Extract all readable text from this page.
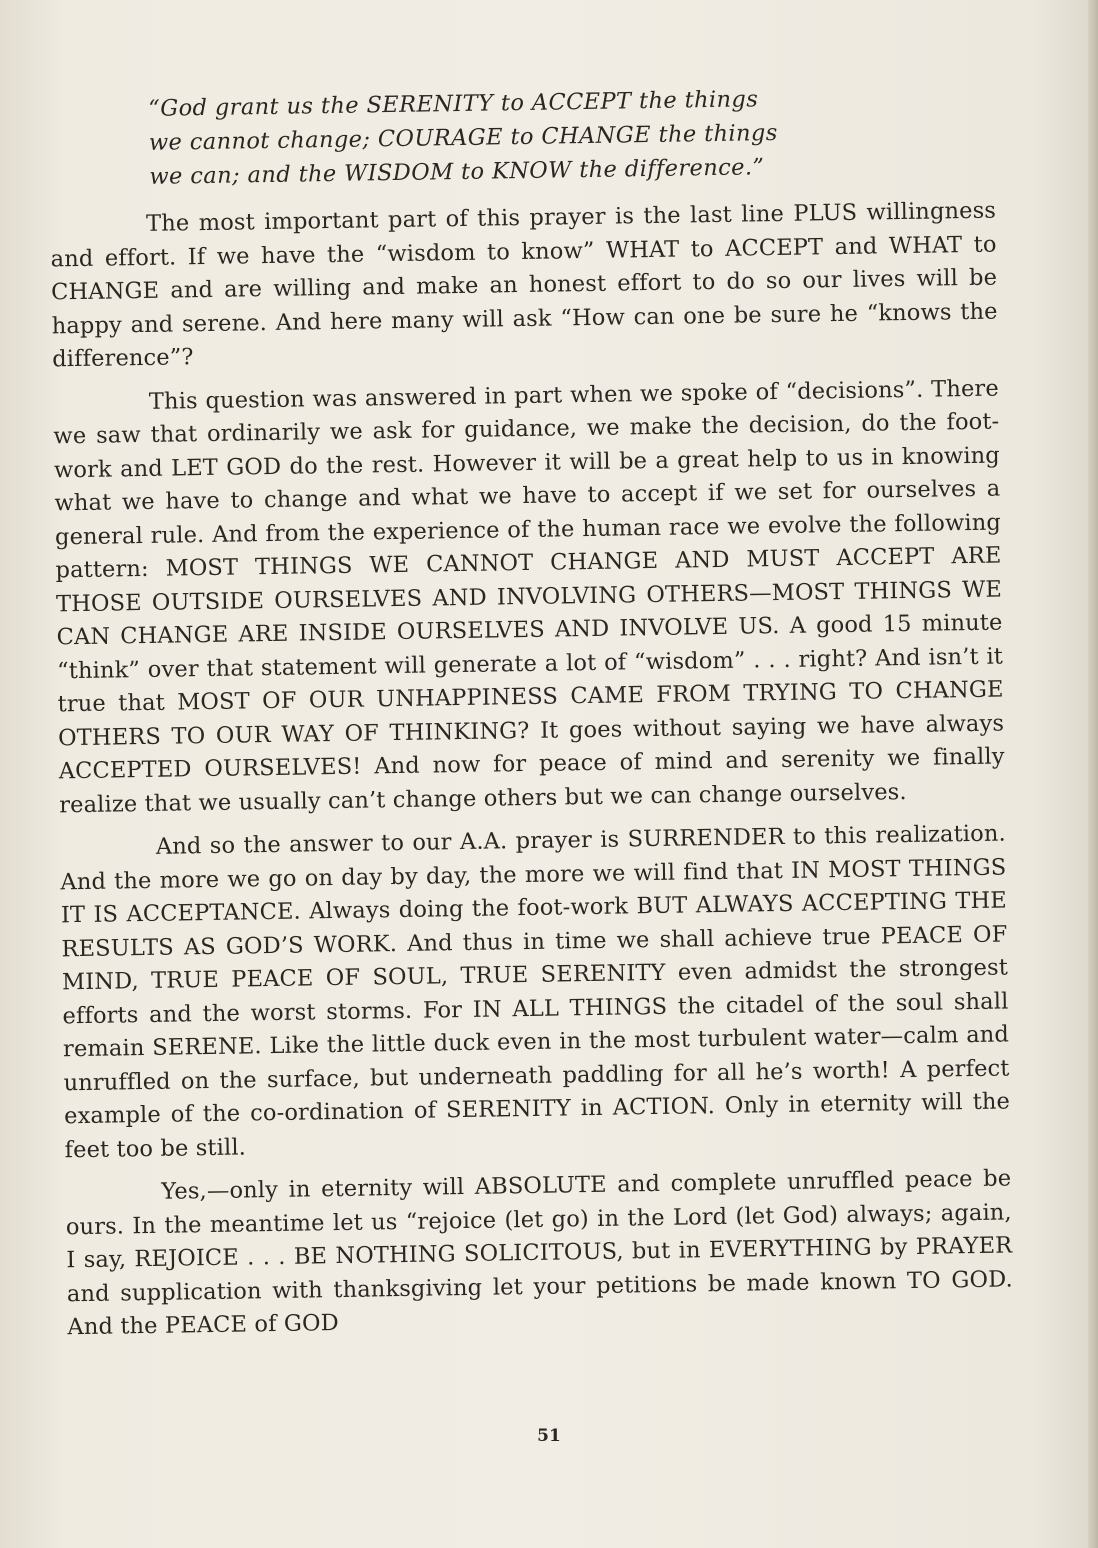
“God grant us the SERENITY to ACCEPT the things

we cannot change; COURAGE to CHANGE the things

we can; and the WISDOM to KNOW the difference.”

The most important part of this prayer is the last line PLUS willingness and effort. If we have the “wisdom to know” WHAT to ACCEPT and WHAT to CHANGE and are willing and make an honest effort to do so our lives will be happy and serene. And here many will ask “How can one be sure he “knows the difference”?

This question was answered in part when we spoke of “decisions”. There we saw that ordinarily we ask for guidance, we make the decision, do the foot-work and LET GOD do the rest. However it will be a great help to us in knowing what we have to change and what we have to accept if we set for ourselves a general rule. And from the experience of the human race we evolve the following pattern: MOST THINGS WE CANNOT CHANGE AND MUST ACCEPT ARE THOSE OUTSIDE OURSELVES AND INVOLVING OTHERS—MOST THINGS WE CAN CHANGE ARE INSIDE OURSELVES AND INVOLVE US. A good 15 minute “think” over that statement will generate a lot of “wisdom” . . . right? And isn’t it true that MOST OF OUR UNHAPPINESS CAME FROM TRYING TO CHANGE OTHERS TO OUR WAY OF THINKING? It goes without saying we have always ACCEPTED OURSELVES! And now for peace of mind and serenity we finally realize that we usually can’t change others but we can change ourselves.

And so the answer to our A.A. prayer is SURRENDER to this realization. And the more we go on day by day, the more we will find that IN MOST THINGS IT IS ACCEPTANCE. Always doing the foot-work BUT ALWAYS ACCEPTING THE RESULTS AS GOD’S WORK. And thus in time we shall achieve true PEACE OF MIND, TRUE PEACE OF SOUL, TRUE SERENITY even admidst the strongest efforts and the worst storms. For IN ALL THINGS the citadel of the soul shall remain SERENE. Like the little duck even in the most turbulent water—calm and unruffled on the surface, but underneath paddling for all he’s worth! A perfect example of the co-ordination of SERENITY in ACTION. Only in eternity will the feet too be still.

Yes,—only in eternity will ABSOLUTE and complete unruffled peace be ours. In the meantime let us “rejoice (let go) in the Lord (let God) always; again, I say, REJOICE . . . BE NOTHING SOLICITOUS, but in EVERYTHING by PRAYER and supplication with thanksgiving let your petitions be made known TO GOD. And the PEACE of GOD

51
